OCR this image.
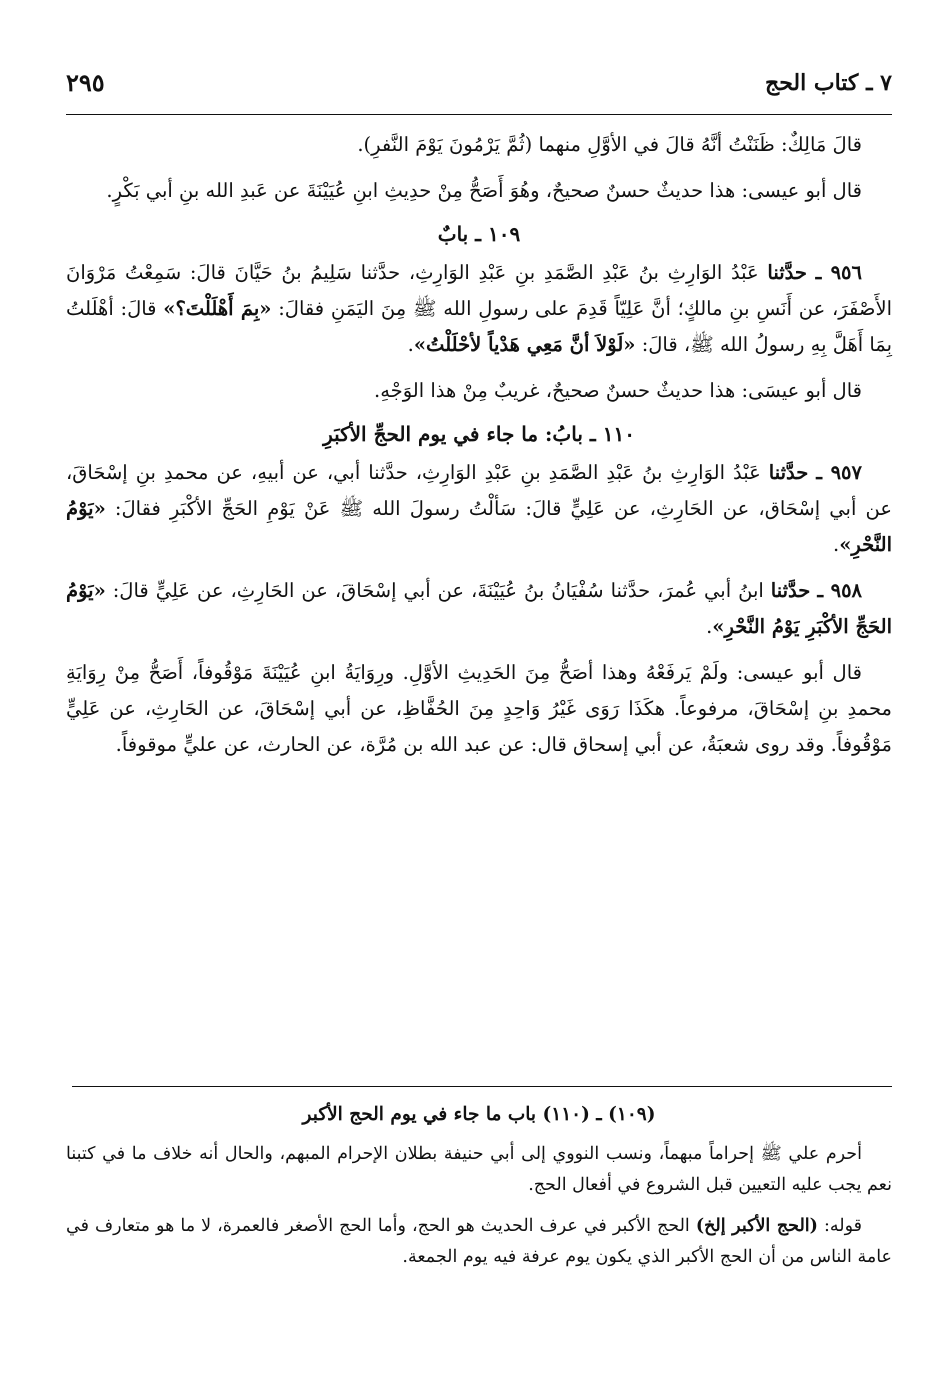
٧ ـ كتاب الحج
٢٩٥

قالَ مَالِكٌ: ظَنَنْتُ أنَّهُ قالَ في الأوَّلِ منهما (ثُمَّ يَرْمُونَ يَوْمَ النَّفرِ).

قال أبو عيسى: هذا حديثٌ حسنٌ صحيحٌ، وهُوَ أَصَحُّ مِنْ حدِيثِ ابنِ عُيَيْنَةَ عن عَبدِ الله بنِ أبي بَكْرٍ.

١٠٩ ـ بابٌ

٩٥٦ ـ حدَّثنا عَبْدُ الوَارِثِ بنُ عَبْدِ الصَّمَدِ بنِ عَبْدِ الوَارِثِ، حدَّثنا سَلِيمُ بنُ حَيَّانَ قالَ: سَمِعْتُ مَرْوَانَ الأَصْفَرَ، عن أَنَسِ بنِ مالكٍ؛ أنَّ عَلِيّاً قَدِمَ على رسولِ الله ﷺ مِنَ اليَمَنِ فقالَ: «بِمَ أَهْلَلْتَ؟» قالَ: أهْلَلتُ بِمَا أَهَلَّ بِهِ رسولُ الله ﷺ، قالَ: «لَوْلاَ أنَّ مَعِي هَدْياً لأحْلَلْتُ».

قال أبو عيسَى: هذا حديثٌ حسنٌ صحيحٌ، غريبٌ مِنْ هذا الوَجْهِ.

١١٠ ـ بابُ: ما جاء في يوم الحجِّ الأكبَرِ

٩٥٧ ـ حدَّثنا عَبْدُ الوَارِثِ بنُ عَبْدِ الصَّمَدِ بنِ عَبْدِ الوَارِثِ، حدَّثنا أبي، عن أبيهِ، عن محمدِ بنِ إسْحَاقَ، عن أبي إسْحَاق، عن الحَارِثِ، عن عَلِيٍّ قالَ: سَألْتُ رسولَ الله ﷺ عَنْ يَوْمِ الحَجِّ الأكْبَرِ فقالَ: «يَوْمُ النَّحْرِ».

٩٥٨ ـ حدَّثنا ابنُ أبي عُمرَ، حدَّثنا سُفْيَانُ بنُ عُيَيْنَةَ، عن أبي إسْحَاقَ، عن الحَارِثِ، عن عَلِيٍّ قالَ: «يَوْمُ الحَجِّ الأكْبَرِ يَوْمُ النَّحْرِ».

قال أبو عيسى: ولَمْ يَرفَعْهُ وهذا أصَحُّ مِنَ الحَدِيثِ الأوَّلِ. ورِوَايَةُ ابنِ عُيَيْنَةَ مَوْقُوفاً، أَصَحُّ مِنْ رِوَايَةِ محمدِ بنِ إسْحَاقَ، مرفوعاً. هكَذَا رَوَى غَيْرُ وَاحِدٍ مِنَ الحُفَّاظِ، عن أبي إسْحَاقَ، عن الحَارِثِ، عن عَلِيٍّ مَوْقُوفاً. وقد روى شعبَةُ، عن أبي إسحاق قال: عن عبد الله بن مُرَّة، عن الحارث، عن عليٍّ موقوفاً.

(١٠٩) ـ (١١٠) باب ما جاء في يوم الحج الأكبر

أحرم علي ﷺ إحراماً مبهماً، ونسب النووي إلى أبي حنيفة بطلان الإحرام المبهم، والحال أنه خلاف ما في كتبنا نعم يجب عليه التعيين قبل الشروع في أفعال الحج.

قوله: (الحج الأكبر إلخ) الحج الأكبر في عرف الحديث هو الحج، وأما الحج الأصغر فالعمرة، لا ما هو متعارف في عامة الناس من أن الحج الأكبر الذي يكون يوم عرفة فيه يوم الجمعة.
